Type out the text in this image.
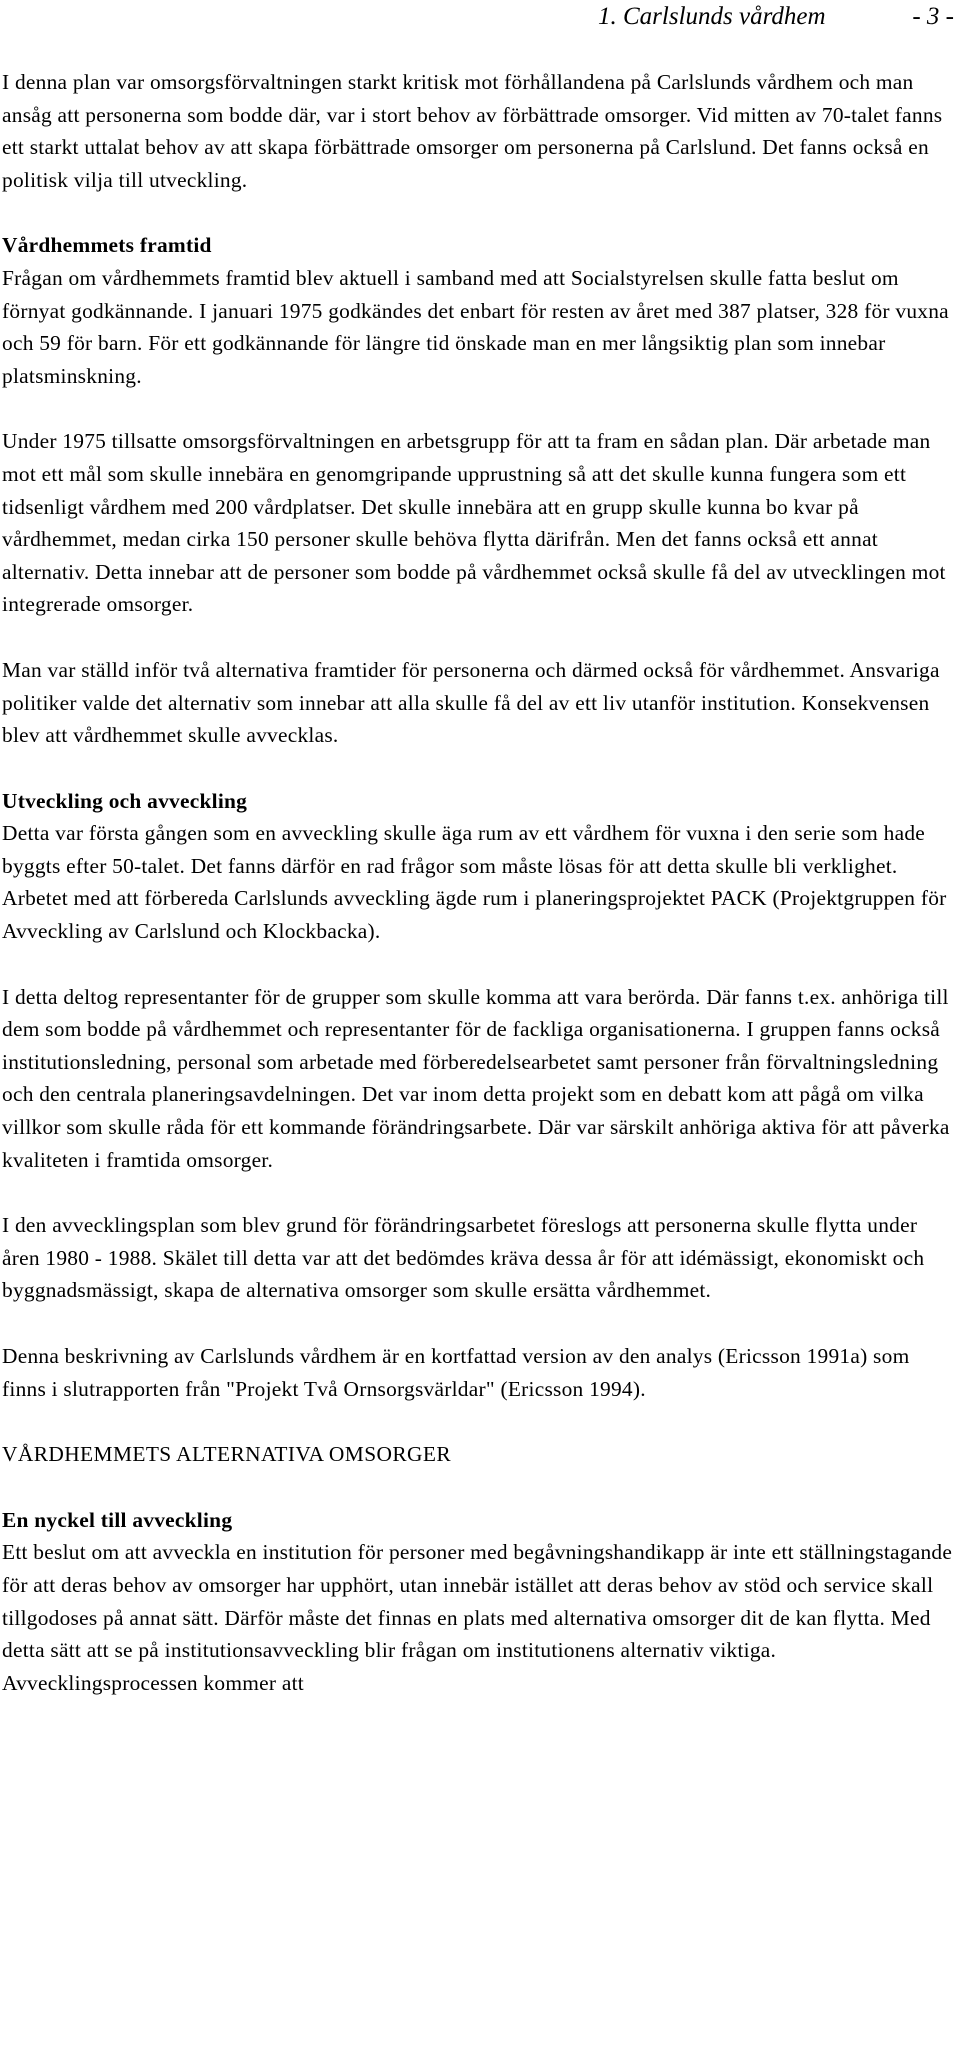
1. Carlslunds vårdhem	- 3 -

I denna plan var omsorgsförvaltningen starkt kritisk mot förhållandena på Carlslunds vårdhem och man ansåg att personerna som bodde där, var i stort behov av förbättrade omsorger. Vid mitten av 70-talet fanns ett starkt uttalat behov av att skapa förbättrade omsorger om personerna på Carlslund. Det fanns också en politisk vilja till utveckling.

Vårdhemmets framtid
Frågan om vårdhemmets framtid blev aktuell i samband med att Socialstyrelsen skulle fatta beslut om förnyat godkännande. I januari 1975 godkändes det enbart för resten av året med 387 platser, 328 för vuxna och 59 för barn. För ett godkännande för längre tid önskade man en mer långsiktig plan som innebar platsminskning.

Under 1975 tillsatte omsorgsförvaltningen en arbetsgrupp för att ta fram en sådan plan. Där arbetade man mot ett mål som skulle innebära en genomgripande upprustning så att det skulle kunna fungera som ett tidsenligt vårdhem med 200 vårdplatser. Det skulle innebära att en grupp skulle kunna bo kvar på vårdhemmet, medan cirka 150 personer skulle behöva flytta därifrån. Men det fanns också ett annat alternativ. Detta innebar att de personer som bodde på vårdhemmet också skulle få del av utvecklingen mot integrerade omsorger.

Man var ställd inför två alternativa framtider för personerna och därmed också för vårdhemmet. Ansvariga politiker valde det alternativ som innebar att alla skulle få del av ett liv utanför institution. Konsekvensen blev att vårdhemmet skulle avvecklas.

Utveckling och avveckling
Detta var första gången som en avveckling skulle äga rum av ett vårdhem för vuxna i den serie som hade byggts efter 50-talet. Det fanns därför en rad frågor som måste lösas för att detta skulle bli verklighet. Arbetet med att förbereda Carlslunds avveckling ägde rum i planeringsprojektet PACK (Projektgruppen för Avveckling av Carlslund och Klockbacka).

I detta deltog representanter för de grupper som skulle komma att vara berörda. Där fanns t.ex. anhöriga till dem som bodde på vårdhemmet och representanter för de fackliga organisationerna. I gruppen fanns också institutionsledning, personal som arbetade med förberedelsearbetet samt personer från förvaltningsledning och den centrala planeringsavdelningen. Det var inom detta projekt som en debatt kom att pågå om vilka villkor som skulle råda för ett kommande förändringsarbete. Där var särskilt anhöriga aktiva för att påverka kvaliteten i framtida omsorger.

I den avvecklingsplan som blev grund för förändringsarbetet föreslogs att personerna skulle flytta under åren 1980 - 1988. Skälet till detta var att det bedömdes kräva dessa år för att idémässigt, ekonomiskt och byggnadsmässigt, skapa de alternativa omsorger som skulle ersätta vårdhemmet.

Denna beskrivning av Carlslunds vårdhem är en kortfattad version av den analys (Ericsson 1991a) som finns i slutrapporten från "Projekt Två Ornsorgsvärldar" (Ericsson 1994).

VÅRDHEMMETS ALTERNATIVA OMSORGER

En nyckel till avveckling
Ett beslut om att avveckla en institution för personer med begåvningshandikapp är inte ett ställningstagande för att deras behov av omsorger har upphört, utan innebär istället att deras behov av stöd och service skall tillgodoses på annat sätt. Därför måste det finnas en plats med alternativa omsorger dit de kan flytta. Med detta sätt att se på institutionsavveckling blir frågan om institutionens alternativ viktiga. Avvecklingsprocessen kommer att
